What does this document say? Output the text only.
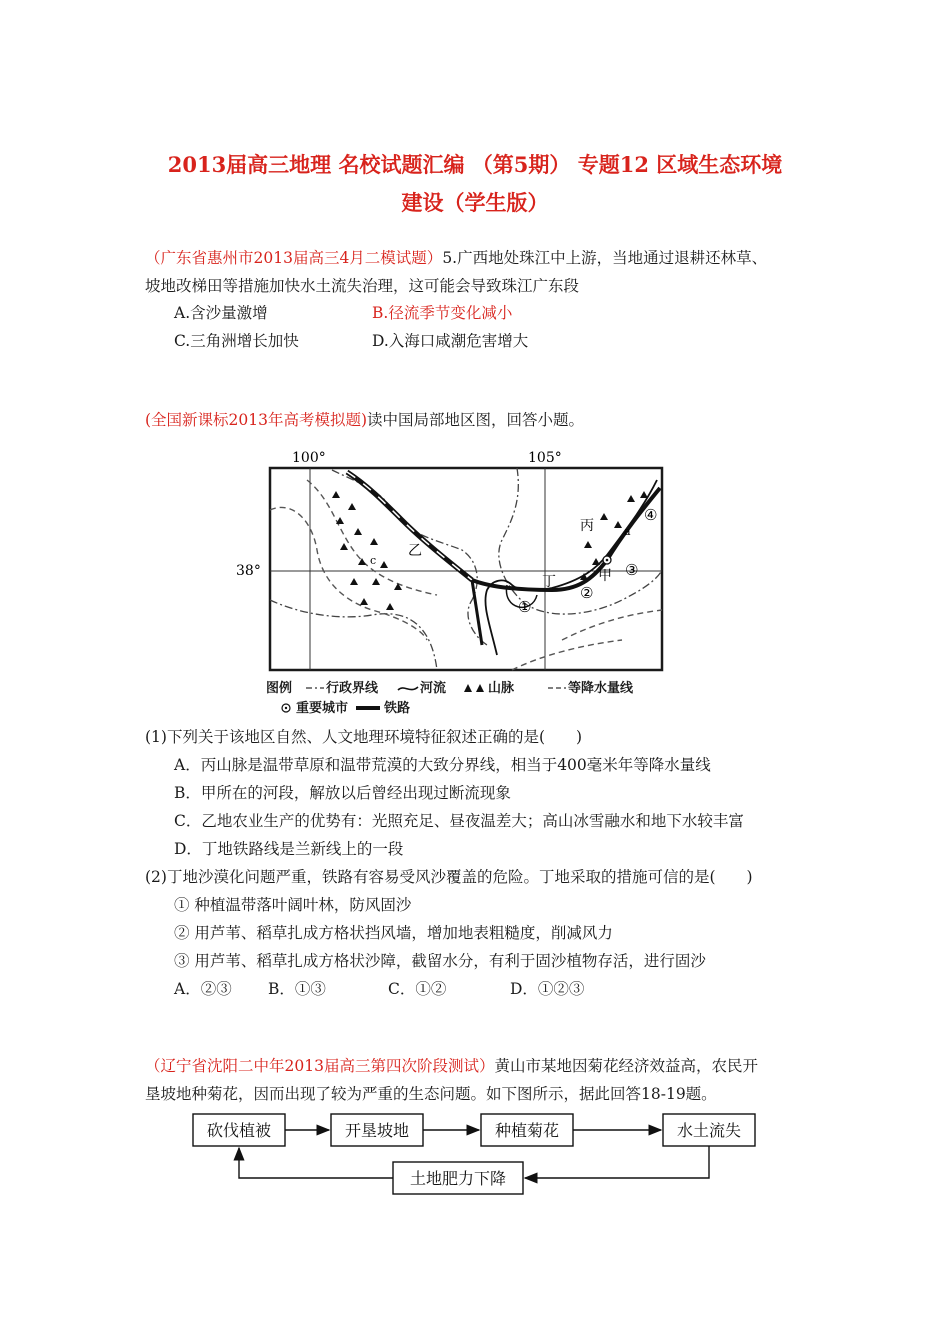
2013届高三地理 名校试题汇编 （第5期） 专题12 区域生态环境
建设（学生版）
（广东省惠州市2013届高三4月二模试题）5.广西地处珠江中上游，当地通过退耕还林草、
坡地改梯田等措施加快水土流失治理，这可能会导致珠江广东段
A.含沙量激增	B.径流季节变化减小
C.三角洲增长加快	D.入海口咸潮危害增大
(全国新课标2013年高考模拟题)读中国局部地区图，回答小题。
100°	105°
38°
丙
乙
丁	甲
a
c
①
②
③
④
图例	行政界线	河流	山脉	等降水量线
重要城市	铁路
(1)下列关于该地区自然、人文地理环境特征叙述正确的是(　　)
A．丙山脉是温带草原和温带荒漠的大致分界线，相当于400毫米年等降水量线
B．甲所在的河段，解放以后曾经出现过断流现象
C．乙地农业生产的优势有：光照充足、昼夜温差大；高山冰雪融水和地下水较丰富
D．丁地铁路线是兰新线上的一段
(2)丁地沙漠化问题严重，铁路有容易受风沙覆盖的危险。丁地采取的措施可信的是(　　)
① 种植温带落叶阔叶林，防风固沙
② 用芦苇、稻草扎成方格状挡风墙，增加地表粗糙度，削减风力
③ 用芦苇、稻草扎成方格状沙障，截留水分，有利于固沙植物存活，进行固沙
A．②③ B．①③	C．①②	D．①②③
（辽宁省沈阳二中年2013届高三第四次阶段测试）黄山市某地因菊花经济效益高，农民开
垦坡地种菊花，因而出现了较为严重的生态问题。如下图所示，据此回答18-19题。
砍伐植被	开垦坡地	种植菊花	水土流失
土地肥力下降
